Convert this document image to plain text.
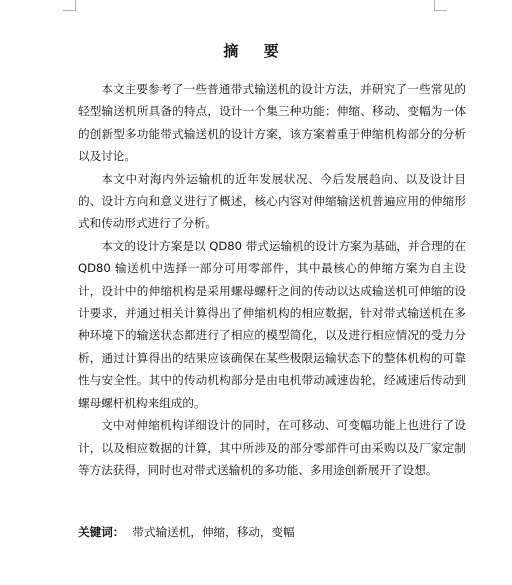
摘 要

本文主要参考了一些普通带式输送机的设计方法，并研究了一些常见的轻型输送机所具备的特点，设计一个集三种功能：伸缩、移动、变幅为一体的创新型多功能带式输送机的设计方案，该方案着重于伸缩机构部分的分析以及讨论。

本文中对海内外运输机的近年发展状况、今后发展趋向、以及设计目的、设计方向和意义进行了概述，核心内容对伸缩输送机普遍应用的伸缩形式和传动形式进行了分析。

本文的设计方案是以 QD80 带式运输机的设计方案为基础，并合理的在 QD80 输送机中选择一部分可用零部件，其中最核心的伸缩方案为自主设计，设计中的伸缩机构是采用螺母螺杆之间的传动以达成输送机可伸缩的设计要求，并通过相关计算得出了伸缩机构的相应数据，针对带式输送机在多种环境下的输送状态都进行了相应的模型简化，以及进行相应情况的受力分析，通过计算得出的结果应该确保在某些极限运输状态下的整体机构的可靠性与安全性。其中的传动机构部分是由电机带动减速齿轮，经减速后传动到螺母螺杆机构来组成的。

文中对伸缩机构详细设计的同时，在可移动、可变幅功能上也进行了设计，以及相应数据的计算，其中所涉及的部分零部件可由采购以及厂家定制等方法获得，同时也对带式送输机的多功能、多用途创新展开了设想。

关键词： 带式输送机，伸缩，移动，变幅
